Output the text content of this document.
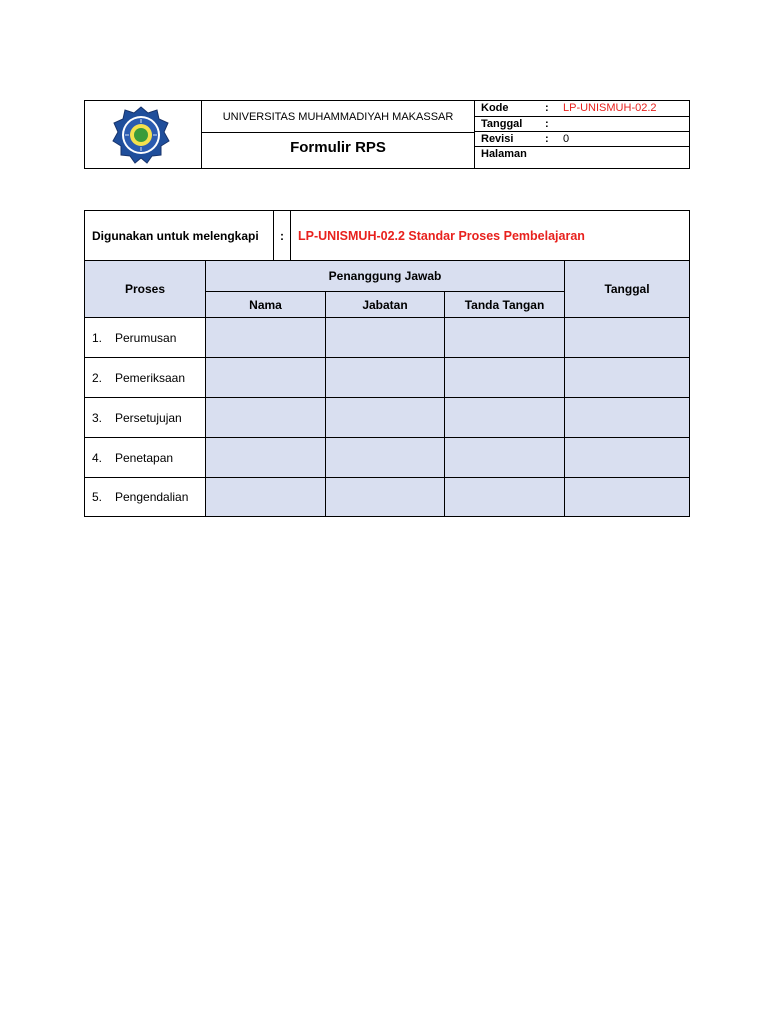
UNIVERSITAS MUHAMMADIYAH MAKASSAR
Formulir RPS
Kode	: LP-UNISMUH-02.2
Tanggal :
Revisi	: 0
Halaman
Digunakan untuk melengkapi	:	LP-UNISMUH-02.2 Standar Proses Pembelajaran
Proses
Penanggung Jawab
Tanggal
Nama	Jabatan	Tanda Tangan
1.	Perumusan
2.	Pemeriksaan
3.	Persetujujan
4.	Penetapan
5.	Pengendalian
